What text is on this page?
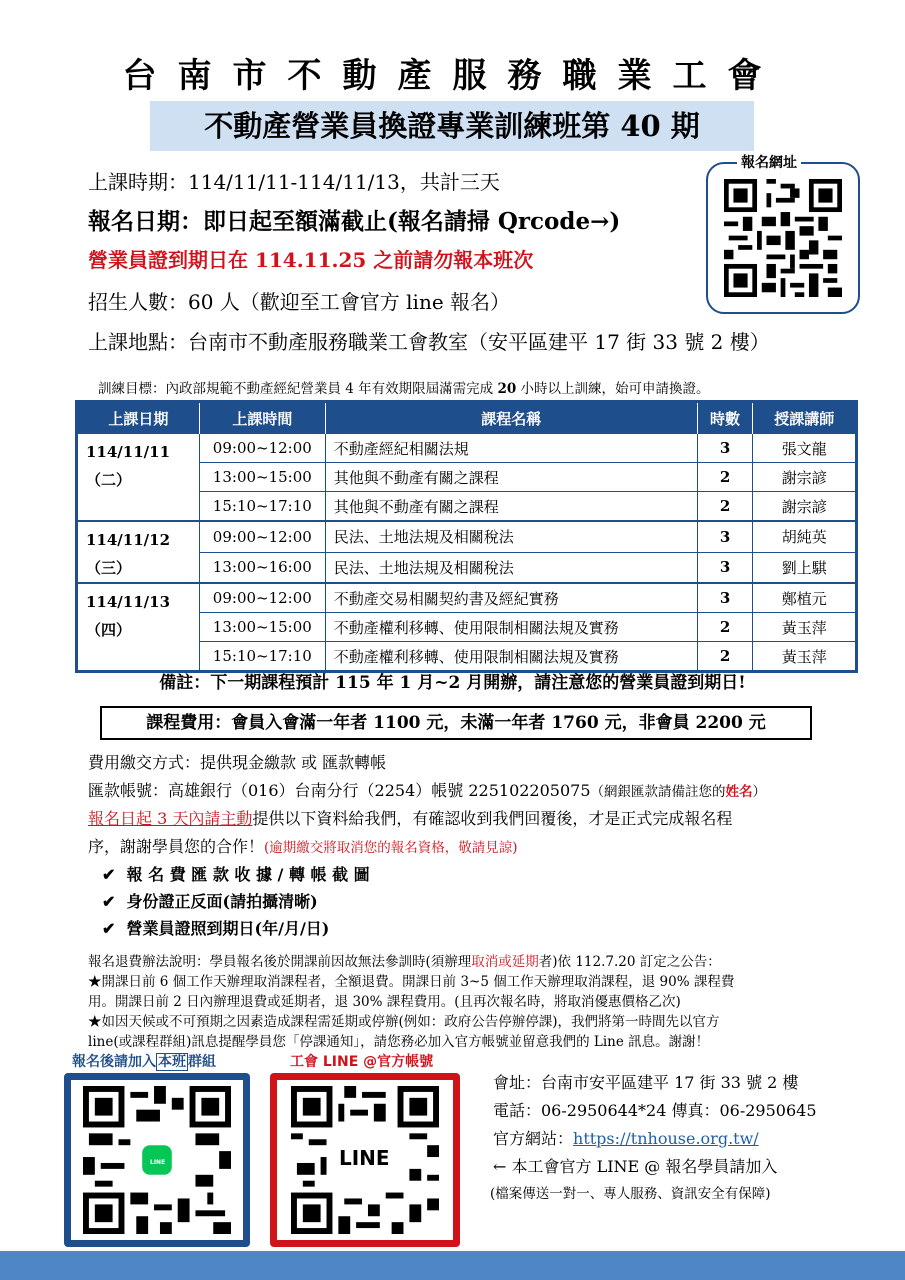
台南市不動產服務職業工會
不動產營業員換證專業訓練班第 40 期
上課時期：114/11/11-114/11/13，共計三天
報名日期：即日起至額滿截止(報名請掃 Qrcode→)
營業員證到期日在 114.11.25 之前請勿報本班次
招生人數：60 人（歡迎至工會官方 line 報名）
上課地點：台南市不動產服務職業工會教室（安平區建平 17 街 33 號 2 樓）
報名網址
訓練目標：內政部規範不動產經紀營業員 4 年有效期限屆滿需完成 20 小時以上訓練，始可申請換證。
上課日期	上課時間	課程名稱	時數	授課講師

114/11/11
（二）	09:00~12:00	不動產經紀相關法規	3	張文龍
	13:00~15:00	其他與不動產有關之課程	2	謝宗諺
	15:10~17:10	其他與不動產有關之課程	2	謝宗諺

114/11/12
（三）	09:00~12:00	民法、土地法規及相關稅法	3	胡純英
	13:00~16:00	民法、土地法規及相關稅法	3	劉上騏

114/11/13
（四）	09:00~12:00	不動產交易相關契約書及經紀實務	3	鄭植元
	13:00~15:00	不動產權利移轉、使用限制相關法規及實務	2	黃玉萍
	15:10~17:10	不動產權利移轉、使用限制相關法規及實務	2	黃玉萍
備註：下一期課程預計 115 年 1 月~2 月開辦，請注意您的營業員證到期日!
課程費用：會員入會滿一年者 1100 元，未滿一年者 1760 元，非會員 2200 元
費用繳交方式：提供現金繳款 或 匯款轉帳
匯款帳號：高雄銀行（016）台南分行（2254）帳號 225102205075（網銀匯款請備註您的姓名）
報名日起 3 天內請主動提供以下資料給我們，有確認收到我們回覆後，才是正式完成報名程
序，謝謝學員您的合作！(逾期繳交將取消您的報名資格，敬請見諒)
✔ 報 名 費 匯 款 收 據 / 轉 帳 截 圖
✔ 身份證正反面(請拍攝清晰)
✔ 營業員證照到期日(年/月/日)
報名退費辦法說明：學員報名後於開課前因故無法參訓時(須辦理取消或延期者)依 112.7.20 訂定之公告：
★開課日前 6 個工作天辦理取消課程者，全額退費。開課日前 3~5 個工作天辦理取消課程，退 90% 課程費
用。開課日前 2 日內辦理退費或延期者，退 30% 課程費用。(且再次報名時，將取消優惠價格乙次)
★如因天候或不可預期之因素造成課程需延期或停辦(例如：政府公告停辦停課)，我們將第一時間先以官方
line(或課程群組)訊息提醒學員您「停課通知」，請您務必加入官方帳號並留意我們的 Line 訊息。謝謝！
報名後請加入 本班 群組
LINE
工會 LINE @官方帳號
LINE
會址：台南市安平區建平 17 街 33 號 2 樓
電話：06-2950644*24 傳真：06-2950645
官方網站：https://tnhouse.org.tw/
← 本工會官方 LINE @ 報名學員請加入
(檔案傳送一對一、專人服務、資訊安全有保障)
